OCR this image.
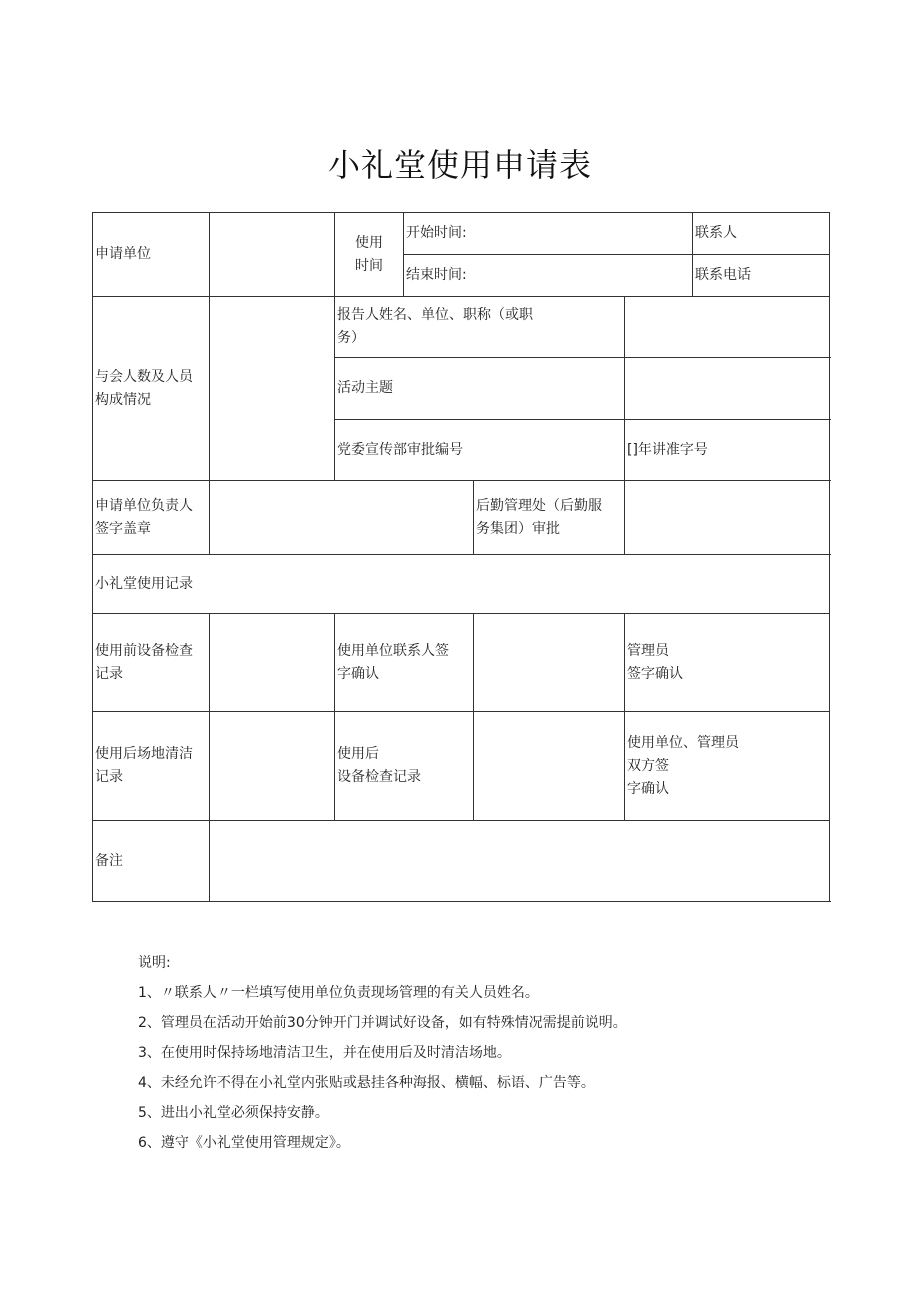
小礼堂使用申请表
申请单位		使用
时间	开始时间:			联系人	
			结束时间:			联系电话	
与会人数及人员
构成情况		报告人姓名、单位、职称（或职
务）					
		活动主题					
		党委宣传部审批编号			[]年讲准字号		
申请单位负责人
签字盖章				后勤管理处（后勤服
务集团）审批			
小礼堂使用记录							
使用前设备检查
记录		使用单位联系人签
字确认			管理员
签字确认		
使用后场地清洁
记录		使用后
设备检查记录			使用单位、管理员
双方签
字确认		
备注							
说明:
1、〃联系人〃一栏填写使用单位负责现场管理的有关人员姓名。
2、管理员在活动开始前30分钟开门并调试好设备，如有特殊情况需提前说明。
3、在使用时保持场地清洁卫生，并在使用后及时清洁场地。
4、未经允许不得在小礼堂内张贴或悬挂各种海报、横幅、标语、广告等。
5、进出小礼堂必须保持安静。
6、遵守《小礼堂使用管理规定》。
